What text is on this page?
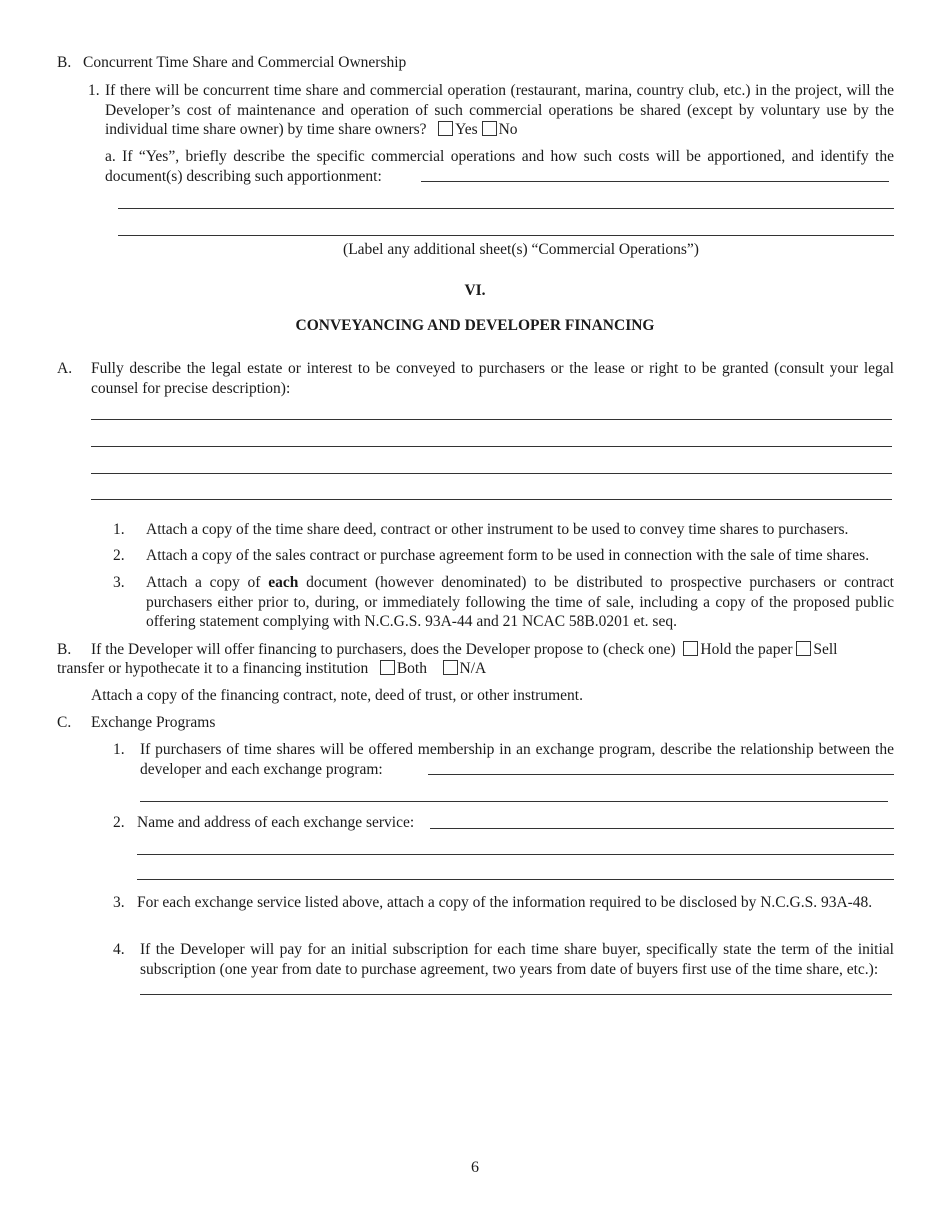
B. Concurrent Time Share and Commercial Ownership
1. If there will be concurrent time share and commercial operation (restaurant, marina, country club, etc.) in the project, will the Developer’s cost of maintenance and operation of such commercial operations be shared (except by voluntary use by the individual time share owner) by time share owners? Yes No
a. If “Yes”, briefly describe the specific commercial operations and how such costs will be apportioned, and identify the document(s) describing such apportionment:
(Label any additional sheet(s) “Commercial Operations”)
VI.
CONVEYANCING AND DEVELOPER FINANCING
A. Fully describe the legal estate or interest to be conveyed to purchasers or the lease or right to be granted (consult your legal counsel for precise description):
1. Attach a copy of the time share deed, contract or other instrument to be used to convey time shares to purchasers.
2. Attach a copy of the sales contract or purchase agreement form to be used in connection with the sale of time shares.
3. Attach a copy of each document (however denominated) to be distributed to prospective purchasers or contract purchasers either prior to, during, or immediately following the time of sale, including a copy of the proposed public offering statement complying with N.C.G.S. 93A-44 and 21 NCAC 58B.0201 et. seq.
B. If the Developer will offer financing to purchasers, does the Developer propose to (check one) Hold the paper Sell
transfer or hypothecate it to a financing institution Both N/A
Attach a copy of the financing contract, note, deed of trust, or other instrument.
C. Exchange Programs
1. If purchasers of time shares will be offered membership in an exchange program, describe the relationship between the developer and each exchange program:
2. Name and address of each exchange service:
3. For each exchange service listed above, attach a copy of the information required to be disclosed by N.C.G.S. 93A-48.
4. If the Developer will pay for an initial subscription for each time share buyer, specifically state the term of the initial subscription (one year from date to purchase agreement, two years from date of buyers first use of the time share, etc.):
6
